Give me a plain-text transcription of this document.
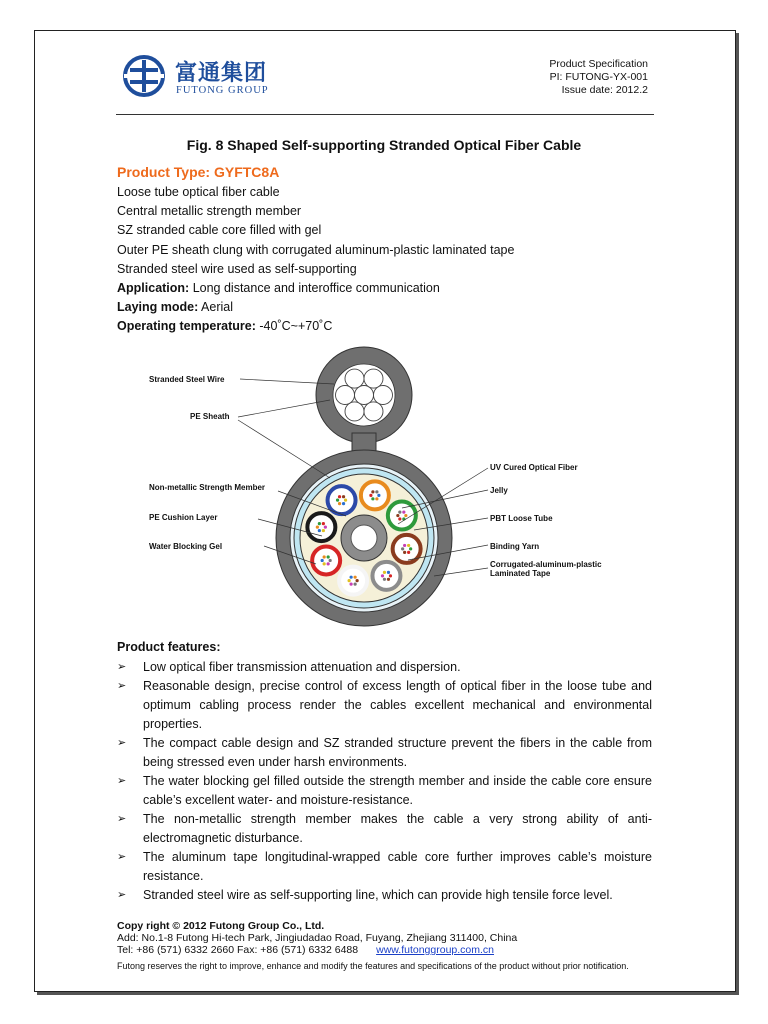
富通集团
FUTONG GROUP
Product Specification
PI: FUTONG-YX-001
Issue date: 2012.2
Fig. 8 Shaped Self-supporting Stranded Optical Fiber Cable
Product Type: GYFTC8A
Loose tube optical fiber cable
Central metallic strength member
SZ stranded cable core filled with gel
Outer PE sheath clung with corrugated aluminum-plastic laminated tape
Stranded steel wire used as self-supporting
Application: Long distance and interoffice communication
Laying mode: Aerial
Operating temperature: -40˚C~+70˚C
Stranded Steel Wire
PE Sheath
Non-metallic Strength Member
PE Cushion Layer
Water Blocking Gel
UV Cured Optical Fiber
Jelly
PBT Loose Tube
Binding Yarn
Corrugated-aluminum-plastic
Laminated Tape
Product features:
➢ Low optical fiber transmission attenuation and dispersion.
➢ Reasonable design, precise control of excess length of optical fiber in the loose tube and optimum cabling process render the cables excellent mechanical and environmental properties.
➢ The compact cable design and SZ stranded structure prevent the fibers in the cable from being stressed even under harsh environments.
➢ The water blocking gel filled outside the strength member and inside the cable core ensure cable’s excellent water- and moisture-resistance.
➢ The non-metallic strength member makes the cable a very strong ability of anti-electromagnetic disturbance.
➢ The aluminum tape longitudinal-wrapped cable core further improves cable’s moisture resistance.
➢ Stranded steel wire as self-supporting line, which can provide high tensile force level.
Copy right © 2012 Futong Group Co., Ltd.
Add: No.1-8 Futong Hi-tech Park, Jingiudadao Road, Fuyang, Zhejiang 311400, China
Tel: +86 (571) 6332 2660 Fax: +86 (571) 6332 6488 www.futonggroup.com.cn
Futong reserves the right to improve, enhance and modify the features and specifications of the product without prior notification.
